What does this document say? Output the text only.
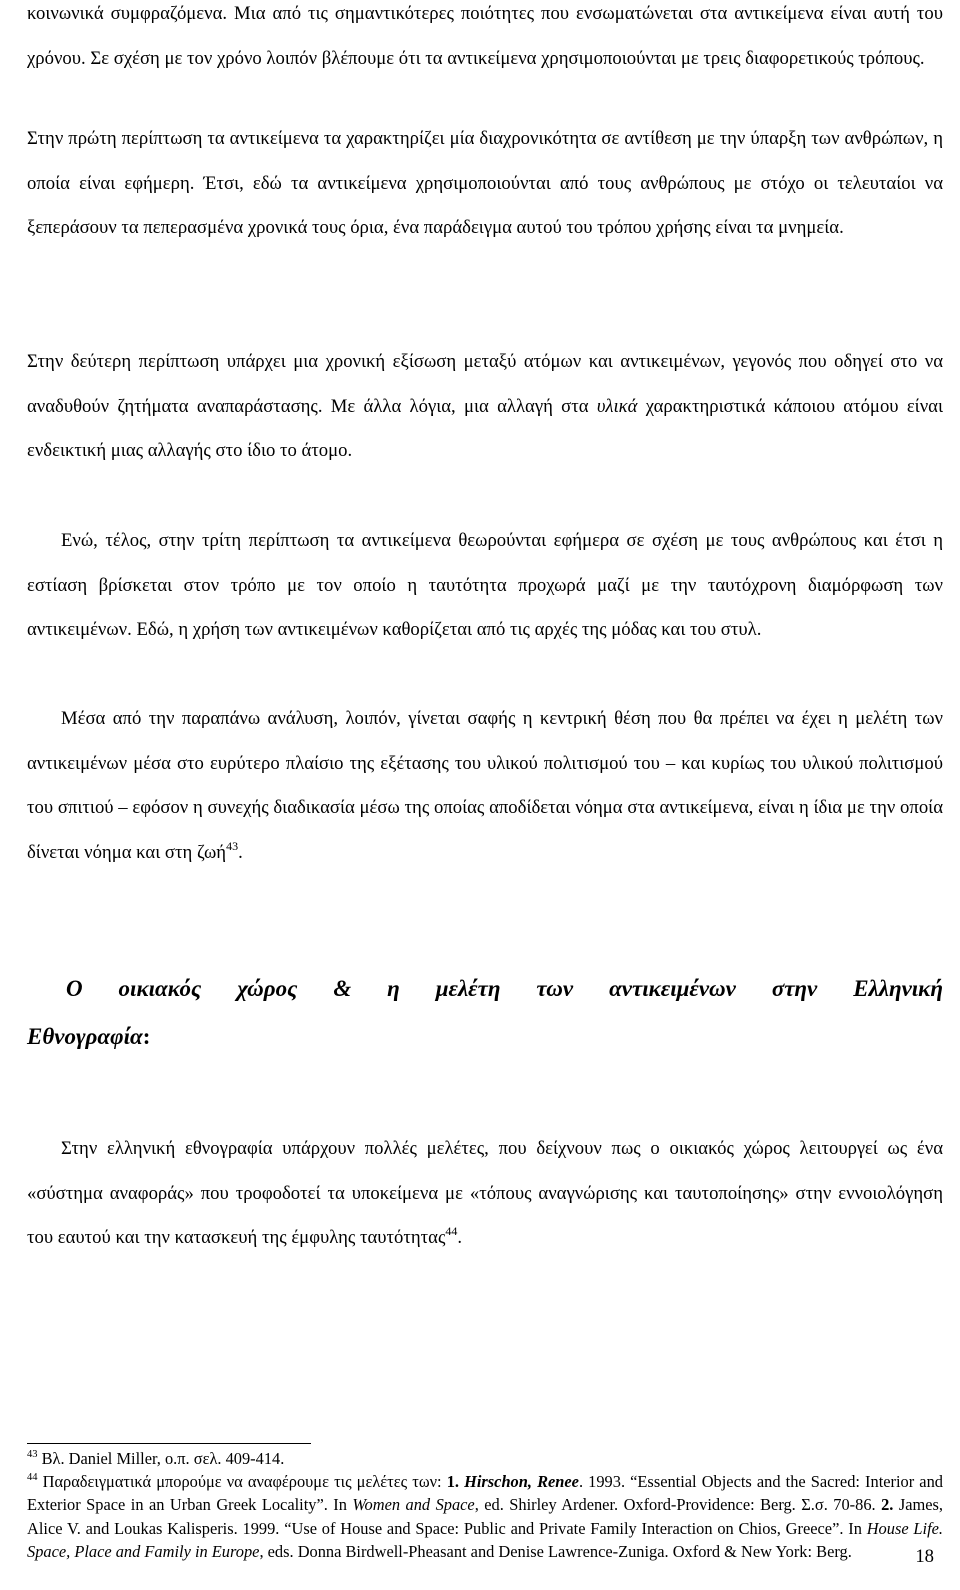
κοινωνικά συμφραζόμενα. Μια από τις σημαντικότερες ποιότητες που ενσωματώνεται στα αντικείμενα είναι αυτή του χρόνου. Σε σχέση με τον χρόνο λοιπόν βλέπουμε ότι τα αντικείμενα χρησιμοποιούνται με τρεις διαφορετικούς τρόπους.

Στην πρώτη περίπτωση τα αντικείμενα τα χαρακτηρίζει μία διαχρονικότητα σε αντίθεση με την ύπαρξη των ανθρώπων, η οποία είναι εφήμερη. Έτσι, εδώ τα αντικείμενα χρησιμοποιούνται από τους ανθρώπους με στόχο οι τελευταίοι να ξεπεράσουν τα πεπερασμένα χρονικά τους όρια, ένα παράδειγμα αυτού του τρόπου χρήσης είναι τα μνημεία.

Στην δεύτερη περίπτωση υπάρχει μια χρονική εξίσωση μεταξύ ατόμων και αντικειμένων, γεγονός που οδηγεί στο να αναδυθούν ζητήματα αναπαράστασης. Με άλλα λόγια, μια αλλαγή στα υλικά χαρακτηριστικά κάποιου ατόμου είναι ενδεικτική μιας αλλαγής στο ίδιο το άτομο.

Ενώ, τέλος, στην τρίτη περίπτωση τα αντικείμενα θεωρούνται εφήμερα σε σχέση με τους ανθρώπους και έτσι η εστίαση βρίσκεται στον τρόπο με τον οποίο η ταυτότητα προχωρά μαζί με την ταυτόχρονη διαμόρφωση των αντικειμένων. Εδώ, η χρήση των αντικειμένων καθορίζεται από τις αρχές της μόδας και του στυλ.

Μέσα από την παραπάνω ανάλυση, λοιπόν, γίνεται σαφής η κεντρική θέση που θα πρέπει να έχει η μελέτη των αντικειμένων μέσα στο ευρύτερο πλαίσιο της εξέτασης του υλικού πολιτισμού του – και κυρίως του υλικού πολιτισμού του σπιτιού – εφόσον η συνεχής διαδικασία μέσω της οποίας αποδίδεται νόημα στα αντικείμενα, είναι η ίδια με την οποία δίνεται νόημα και στη ζωή$^{43}$.

Ο οικιακός χώρος & η μελέτη των αντικειμένων στην Ελληνική
Εθνογραφία:

Στην ελληνική εθνογραφία υπάρχουν πολλές μελέτες, που δείχνουν πως ο οικιακός χώρος λειτουργεί ως ένα «σύστημα αναφοράς» που τροφοδοτεί τα υποκείμενα με «τόπους αναγνώρισης και ταυτοποίησης» στην εννοιολόγηση του εαυτού και την κατασκευή της έμφυλης ταυτότητας$^{44}$.

$^{43}$ Βλ. Daniel Miller, ο.π. σελ. 409-414.

$^{44}$ Παραδειγματικά μπορούμε να αναφέρουμε τις μελέτες των: 1. Hirschon, Renee. 1993. “Essential Objects and the Sacred: Interior and Exterior Space in an Urban Greek Locality”. In Women and Space, ed. Shirley Ardener. Oxford-Providence: Berg. Σ.σ. 70-86. 2. James, Alice V. and Loukas Kalisperis. 1999. “Use of House and Space: Public and Private Family Interaction on Chios, Greece”. In House Life. Space, Place and Family in Europe, eds. Donna Birdwell-Pheasant and Denise Lawrence-Zuniga. Oxford & New York: Berg.	18
